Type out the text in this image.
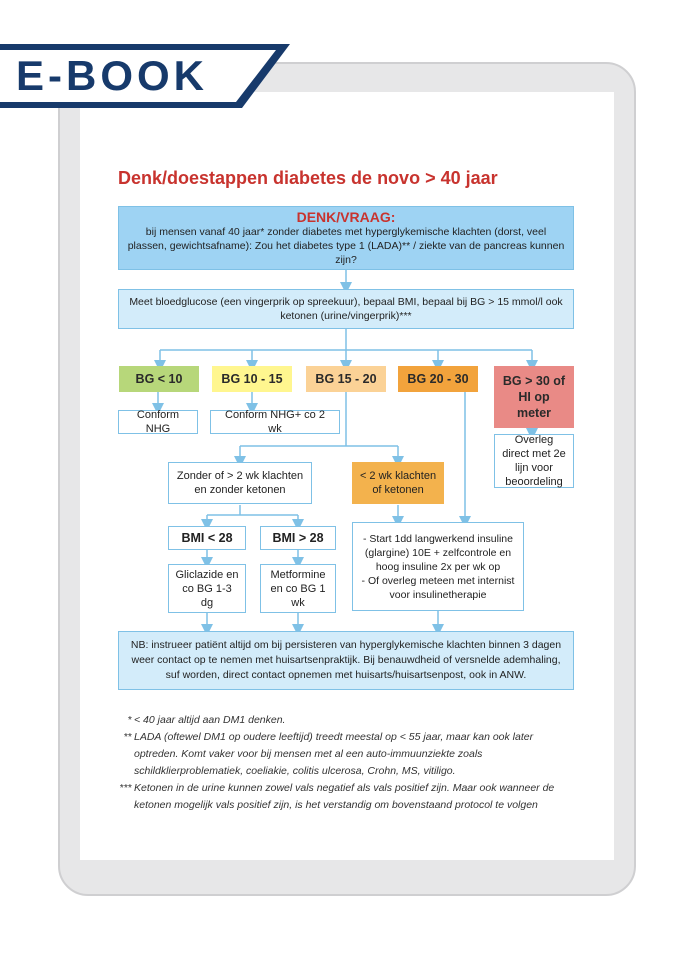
E-BOOK
Denk/doestappen diabetes de novo > 40 jaar
DENK/VRAAG:
bij mensen vanaf 40 jaar* zonder diabetes met hyperglykemische klachten (dorst, veel plassen, gewichtsafname): Zou het diabetes type 1 (LADA)** / ziekte van de pancreas kunnen zijn?
Meet bloedglucose (een vingerprik op spreekuur), bepaal BMI, bepaal bij BG > 15 mmol/l ook ketonen (urine/vingerprik)***
BG < 10	BG 10 - 15	BG 15 - 20	BG 20 - 30	BG > 30 of HI op meter
Conform NHG
Conform NHG+ co 2 wk
Overleg direct met 2e lijn voor beoordeling
Zonder of > 2 wk klachten en zonder ketonen
< 2 wk klachten of ketonen
BMI < 28	BMI > 28
Gliclazide en co BG 1-3 dg
Metformine en co BG 1 wk
- Start 1dd langwerkend insuline (glargine) 10E + zelfcontrole en hoog insuline 2x per wk op
- Of overleg meteen met internist voor insulinetherapie
NB: instrueer patiënt altijd om bij persisteren van hyperglykemische klachten binnen 3 dagen weer contact op te nemen met huisartsenpraktijk. Bij benauwdheid of versnelde ademhaling, suf worden, direct contact opnemen met huisarts/huisartsenpost, ook in ANW.
* < 40 jaar altijd aan DM1 denken.
** LADA (oftewel DM1 op oudere leeftijd) treedt meestal op < 55 jaar, maar kan ook later optreden. Komt vaker voor bij mensen met al een auto-immuunziekte zoals schildklierproblematiek, coeliakie, colitis ulcerosa, Crohn, MS, vitiligo.
*** Ketonen in de urine kunnen zowel vals negatief als vals positief zijn. Maar ook wanneer de ketonen mogelijk vals positief zijn, is het verstandig om bovenstaand protocol te volgen
